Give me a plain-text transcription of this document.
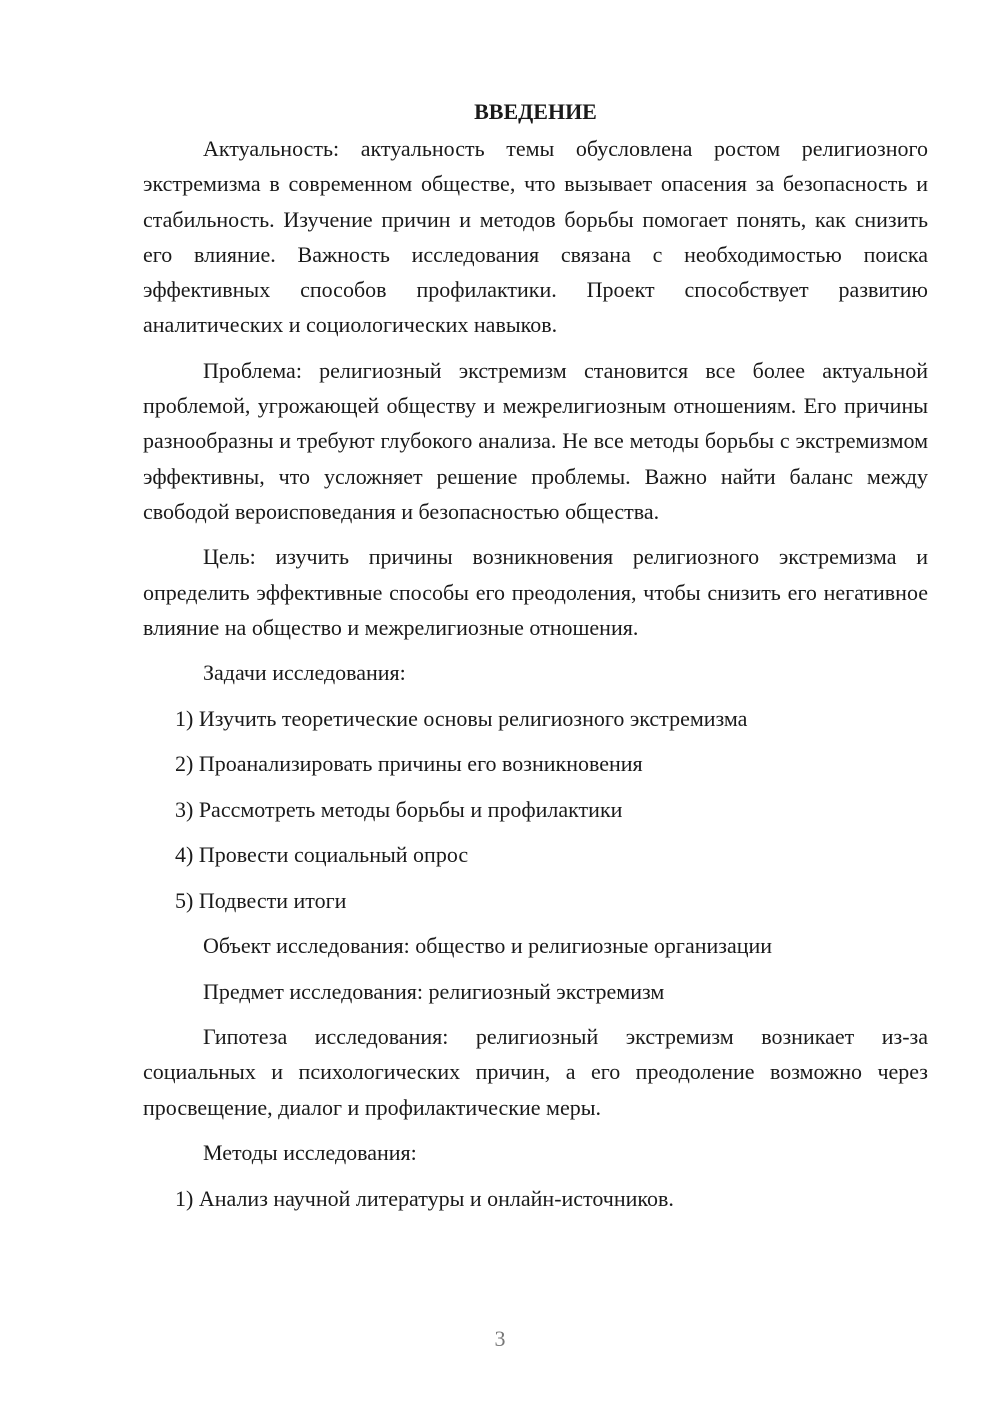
ВВЕДЕНИЕ

Актуальность: актуальность темы обусловлена ростом религиозного экстремизма в современном обществе, что вызывает опасения за безопасность и стабильность. Изучение причин и методов борьбы помогает понять, как снизить его влияние. Важность исследования связана с необходимостью поиска эффективных способов профилактики. Проект способствует развитию аналитических и социологических навыков.

Проблема: религиозный экстремизм становится все более актуальной проблемой, угрожающей обществу и межрелигиозным отношениям. Его причины разнообразны и требуют глубокого анализа. Не все методы борьбы с экстремизмом эффективны, что усложняет решение проблемы. Важно найти баланс между свободой вероисповедания и безопасностью общества.

Цель: изучить причины возникновения религиозного экстремизма и определить эффективные способы его преодоления, чтобы снизить его негативное влияние на общество и межрелигиозные отношения.

Задачи исследования:

1) Изучить теоретические основы религиозного экстремизма

2) Проанализировать причины его возникновения

3) Рассмотреть методы борьбы и профилактики

4) Провести социальный опрос

5) Подвести итоги

Объект исследования: общество и религиозные организации

Предмет исследования: религиозный экстремизм

Гипотеза исследования: религиозный экстремизм возникает из-за социальных и психологических причин, а его преодоление возможно через просвещение, диалог и профилактические меры.

Методы исследования:

1) Анализ научной литературы и онлайн-источников.

3
